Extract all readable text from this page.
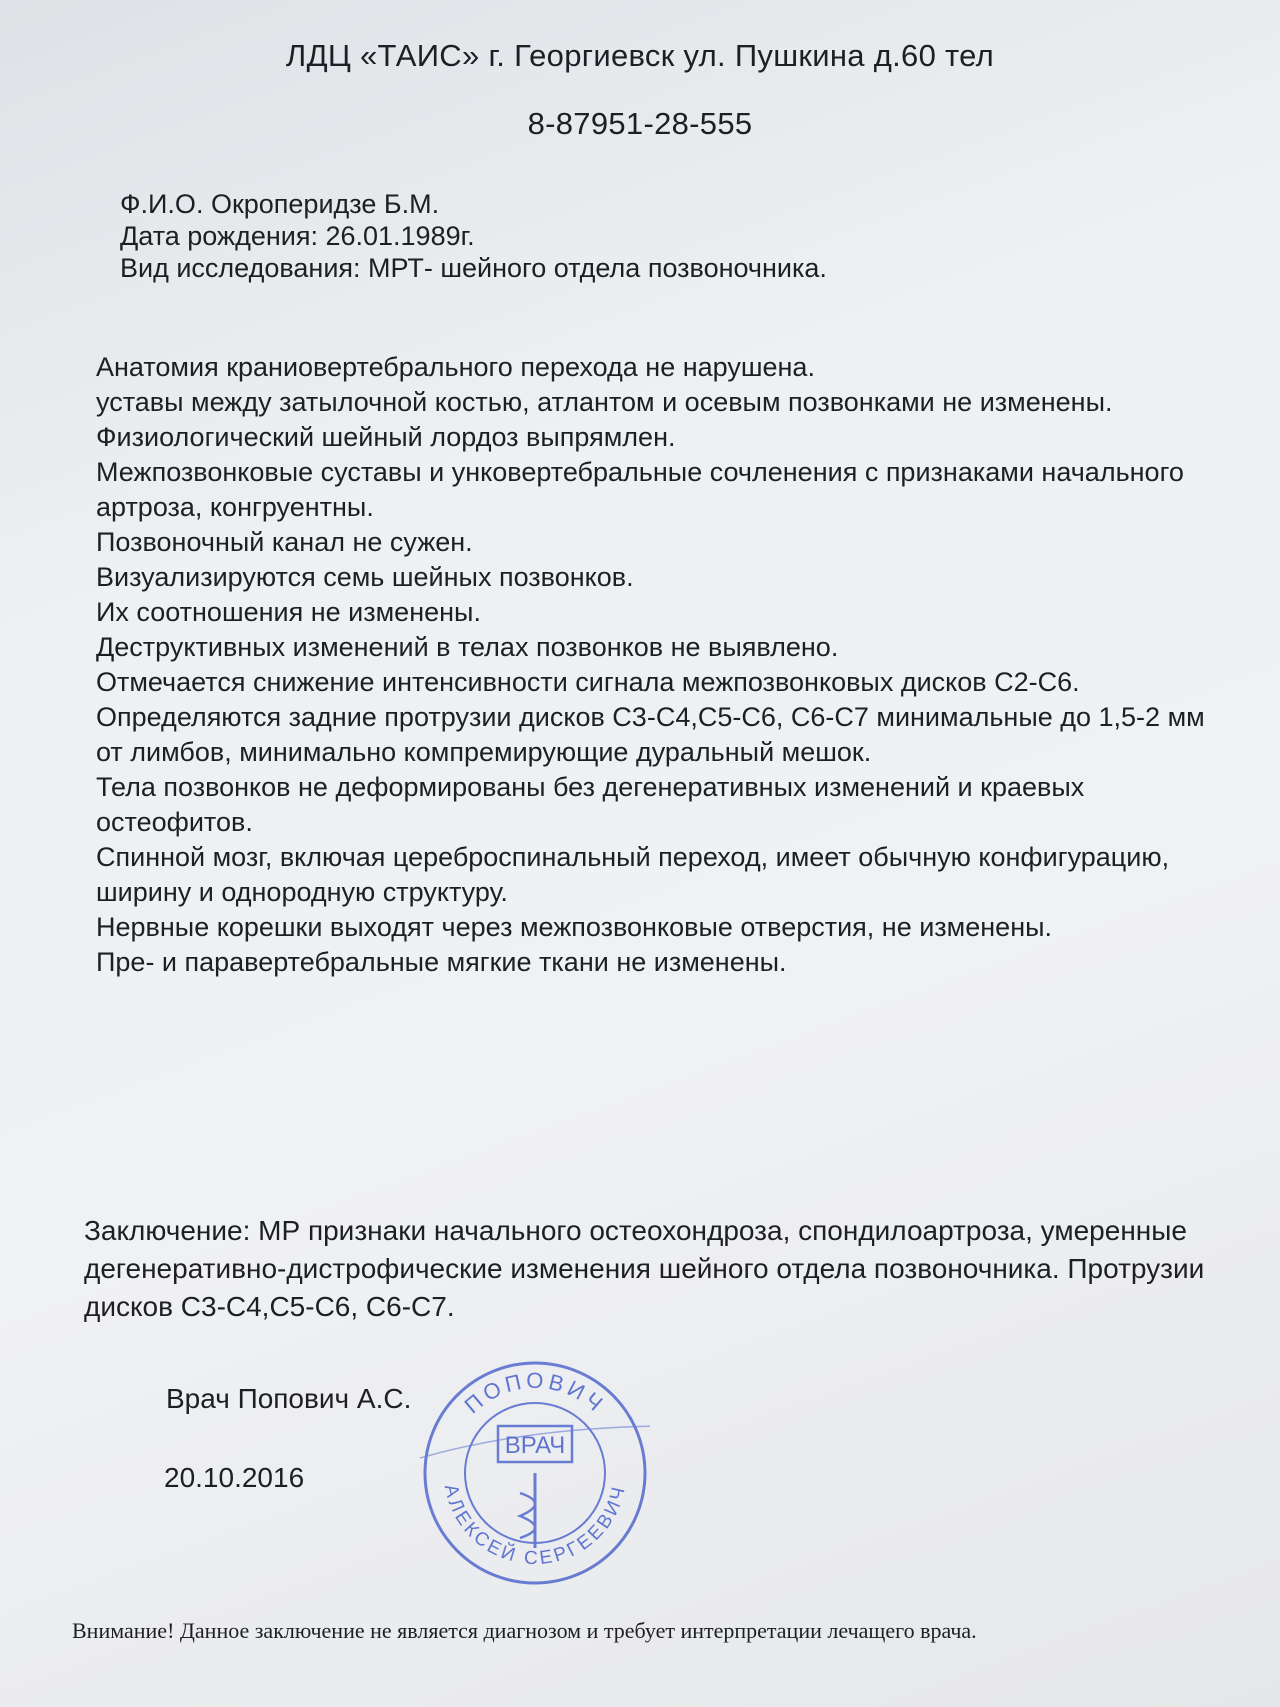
ЛДЦ «ТАИС» г. Георгиевск ул. Пушкина д.60 тел
8-87951-28-555
Ф.И.О. Окроперидзе Б.М.
Дата рождения: 26.01.1989г.
Вид исследования: МРТ- шейного отдела позвоночника.

Анатомия краниовертебрального перехода не нарушена.

уставы между затылочной костью, атлантом и осевым позвонками не изменены.

Физиологический шейный лордоз выпрямлен.

Межпозвонковые суставы и унковертебральные сочленения с признаками начального артроза, конгруентны.

Позвоночный канал не сужен.

Визуализируются семь шейных позвонков.

Их соотношения не изменены.

Деструктивных изменений в телах позвонков не выявлено.

Отмечается снижение интенсивности сигнала межпозвонковых дисков С2-С6.

Определяются задние протрузии дисков С3-С4,С5-С6, С6-С7 минимальные до 1,5-2 мм от лимбов, минимально компремирующие дуральный мешок.

Тела позвонков не деформированы без дегенеративных изменений и краевых остеофитов.

Спинной мозг, включая цереброспинальный переход, имеет обычную конфигурацию, ширину и однородную структуру.

Нервные корешки выходят через межпозвонковые отверстия, не изменены.

Пре- и паравертебральные мягкие ткани не изменены.

Заключение: МР признаки начального остеохондроза, спондилоартроза, умеренные дегенеративно-дистрофические изменения шейного отдела позвоночника. Протрузии дисков С3-С4,С5-С6, С6-С7.

Врач Попович А.С.
20.10.2016
ПОПОВИЧ
АЛЕКСЕЙ СЕРГЕЕВИЧ
ВРАЧ
Внимание! Данное заключение не является диагнозом и требует интерпретации лечащего врача.
